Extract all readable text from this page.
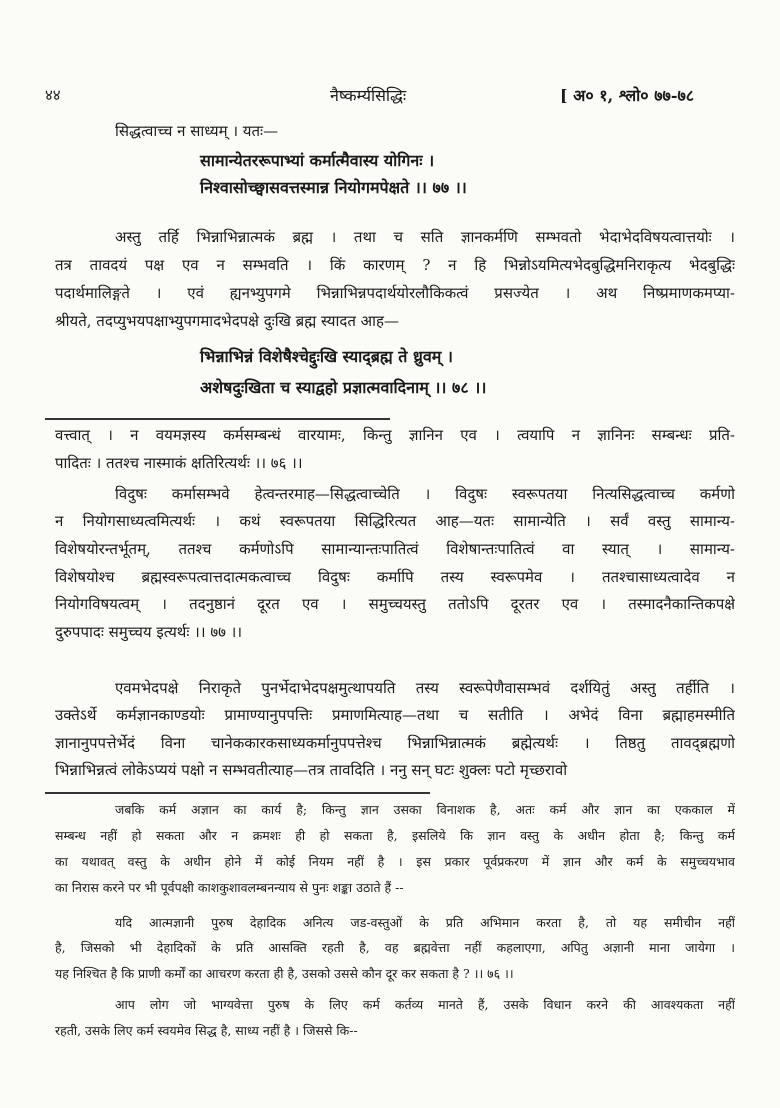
४४	नैष्कर्म्यसिद्धिः	[ अ० १, श्लो० ७७-७८
सिद्धत्वाच्च न साध्यम् । यतः—
सामान्येतररूपाभ्यां कर्मात्मैवास्य योगिनः ।
निश्वासोच्छ्वासवत्तस्मान्न नियोगमपेक्षते ।। ७७ ।।
अस्तु तर्हि भिन्नाभिन्नात्मकं ब्रह्म । तथा च सति ज्ञानकर्मणि सम्भवतो भेदाभेदविषयत्वात्तयोः ।
तत्र तावदयं पक्ष एव न सम्भवति । किं कारणम् ? न हि भिन्नोऽयमित्यभेदबुद्धिमनिराकृत्य भेदबुद्धिः
पदार्थमालिङ्गते । एवं ह्यनभ्युपगमे भिन्नाभिन्नपदार्थयोरलौकिकत्वं प्रसज्येत । अथ निष्प्रमाणकमप्या-
श्रीयते, तदप्युभयपक्षाभ्युपगमादभेदपक्षे दुःखि ब्रह्म स्यादत आह—
भिन्नाभिन्नं विशेषैश्चेद्दुःखि स्याद्ब्रह्म ते ध्रुवम् ।
अशेषदुःखिता च स्याद्वहो प्रज्ञात्मवादिनाम् ।। ७८ ।।
वत्त्वात् । न वयमज्ञस्य कर्मसम्बन्धं वारयामः, किन्तु ज्ञानिन एव । त्वयापि न ज्ञानिनः सम्बन्धः प्रति-
पादितः । ततश्च नास्माकं क्षतिरित्यर्थः ।। ७६ ।।
विदुषः कर्मासम्भवे हेत्वन्तरमाह—सिद्धत्वाच्चेति । विदुषः स्वरूपतया नित्यसिद्धत्वाच्च कर्मणो
न नियोगसाध्यत्वमित्यर्थः । कथं स्वरूपतया सिद्धिरित्यत आह—यतः सामान्येति । सर्वं वस्तु सामान्य-
विशेषयोरन्तर्भूतम्, ततश्च कर्मणोऽपि सामान्यान्तःपातित्वं विशेषान्तःपातित्वं वा स्यात् । सामान्य-
विशेषयोश्च ब्रह्मस्वरूपत्वात्तदात्मकत्वाच्च विदुषः कर्मापि तस्य स्वरूपमेव । ततश्चासाध्यत्वादेव न
नियोगविषयत्वम् । तदनुष्ठानं दूरत एव । समुच्चयस्तु ततोऽपि दूरतर एव । तस्मादनैकान्तिकपक्षे
दुरुपपादः समुच्चय इत्यर्थः ।। ७७ ।।
एवमभेदपक्षे निराकृते पुनर्भेदाभेदपक्षमुत्थापयति तस्य स्वरूपेणैवासम्भवं दर्शयितुं अस्तु तर्हीति ।
उक्तेऽर्थे कर्मज्ञानकाण्डयोः प्रामाण्यानुपपत्तिः प्रमाणमित्याह—तथा च सतीति । अभेदं विना ब्रह्माहमस्मीति
ज्ञानानुपपत्तेर्भेदं विना चानेककारकसाध्यकर्मानुपपत्तेश्च भिन्नाभिन्नात्मकं ब्रह्मेत्यर्थः । तिष्ठतु तावद्ब्रह्मणो
भिन्नाभिन्नत्वं लोकेऽप्ययं पक्षो न सम्भवतीत्याह—तत्र तावदिति । ननु सन् घटः शुक्लः पटो मृच्छरावो
जबकि कर्म अज्ञान का कार्य है; किन्तु ज्ञान उसका विनाशक है, अतः कर्म और ज्ञान का एककाल में
सम्बन्ध नहीं हो सकता और न क्रमशः ही हो सकता है, इसलिये कि ज्ञान वस्तु के अधीन होता है; किन्तु कर्म
का यथावत् वस्तु के अधीन होने में कोई नियम नहीं है । इस प्रकार पूर्वप्रकरण में ज्ञान और कर्म के समुच्चयभाव
का निरास करने पर भी पूर्वपक्षी काशकुशावलम्बनन्याय से पुनः शङ्का उठाते हैं --
यदि आत्मज्ञानी पुरुष देहादिक अनित्य जड-वस्तुओं के प्रति अभिमान करता है, तो यह समीचीन नहीं
है, जिसको भी देहादिकों के प्रति आसक्ति रहती है, वह ब्रह्मवेत्ता नहीं कहलाएगा, अपितु अज्ञानी माना जायेगा ।
यह निश्चित है कि प्राणी कर्मों का आचरण करता ही है, उसको उससे कौन दूर कर सकता है ? ।। ७६ ।।
आप लोग जो भाग्यवेत्ता पुरुष के लिए कर्म कर्तव्य मानते हैं, उसके विधान करने की आवश्यकता नहीं
रहती, उसके लिए कर्म स्वयमेव सिद्ध है, साध्य नहीं है । जिससे कि--
